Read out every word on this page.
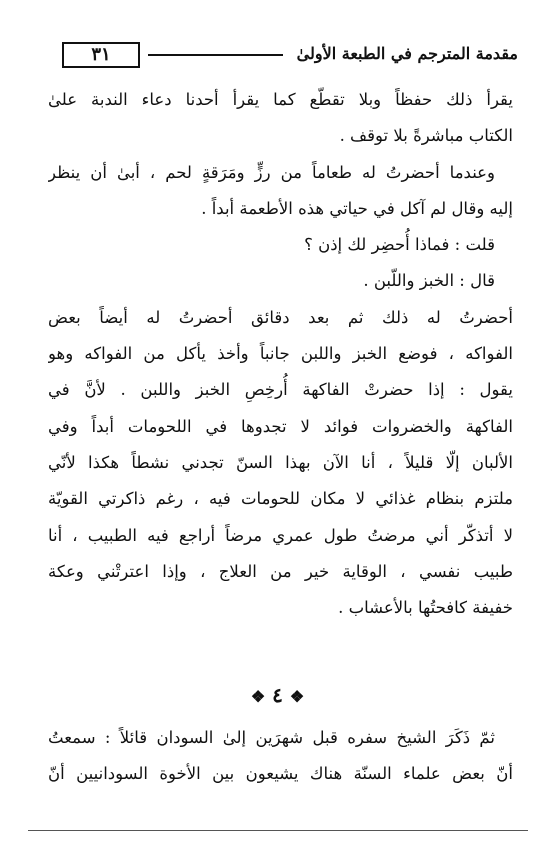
٣١	مقدمة المترجم في الطبعة الأولىٰ
يقرأ ذلك حفظاً وبلا تقطّع كما يقرأ أحدنا دعاء الندبة علىٰ
الكتاب مباشرةً بلا توقف .
وعندما أحضرتُ له طعاماً من رزٍّ ومَرَقةٍ لحم ، أبىٰ أن ينظر
إليه وقال لم آكل في حياتي هذه الأطعمة أبداً .
قلت : فماذا أُحضِر لك إذن ؟
قال : الخبز واللّبن .
أحضرتُ له ذلك ثم بعد دقائق أحضرتُ له أيضاً بعض
الفواكه ، فوضع الخبز واللبن جانباً وأخذ يأكل من الفواكه وهو
يقول : إذا حضرتْ الفاكهة أُرخِصِ الخبز واللبن . لأنَّ في
الفاكهة والخضروات فوائد لا تجدوها في اللحومات أبداً وفي
الألبان إلّا قليلاً ، أنا الآن بهذا السنّ تجدني نشطاً هكذا لأنّي
ملتزم بنظام غذائي لا مكان للحومات فيه ، رغم ذاكرتي القويّة
لا أتذكّر أني مرضتُ طول عمري مرضاً أراجع فيه الطبيب ، أنا
طبيب نفسي ، الوقاية خير من العلاج ، وإذا اعترتْني وعكة
خفيفة كافحتُها بالأعشاب .
❖ ٤ ❖
ثمّ ذَكَرَ الشيخ سفره قبل شهرَين إلىٰ السودان قائلاً : سمعتُ
أنّ بعض علماء السنّة هناك يشيعون بين الأخوة السودانيين أنّ
